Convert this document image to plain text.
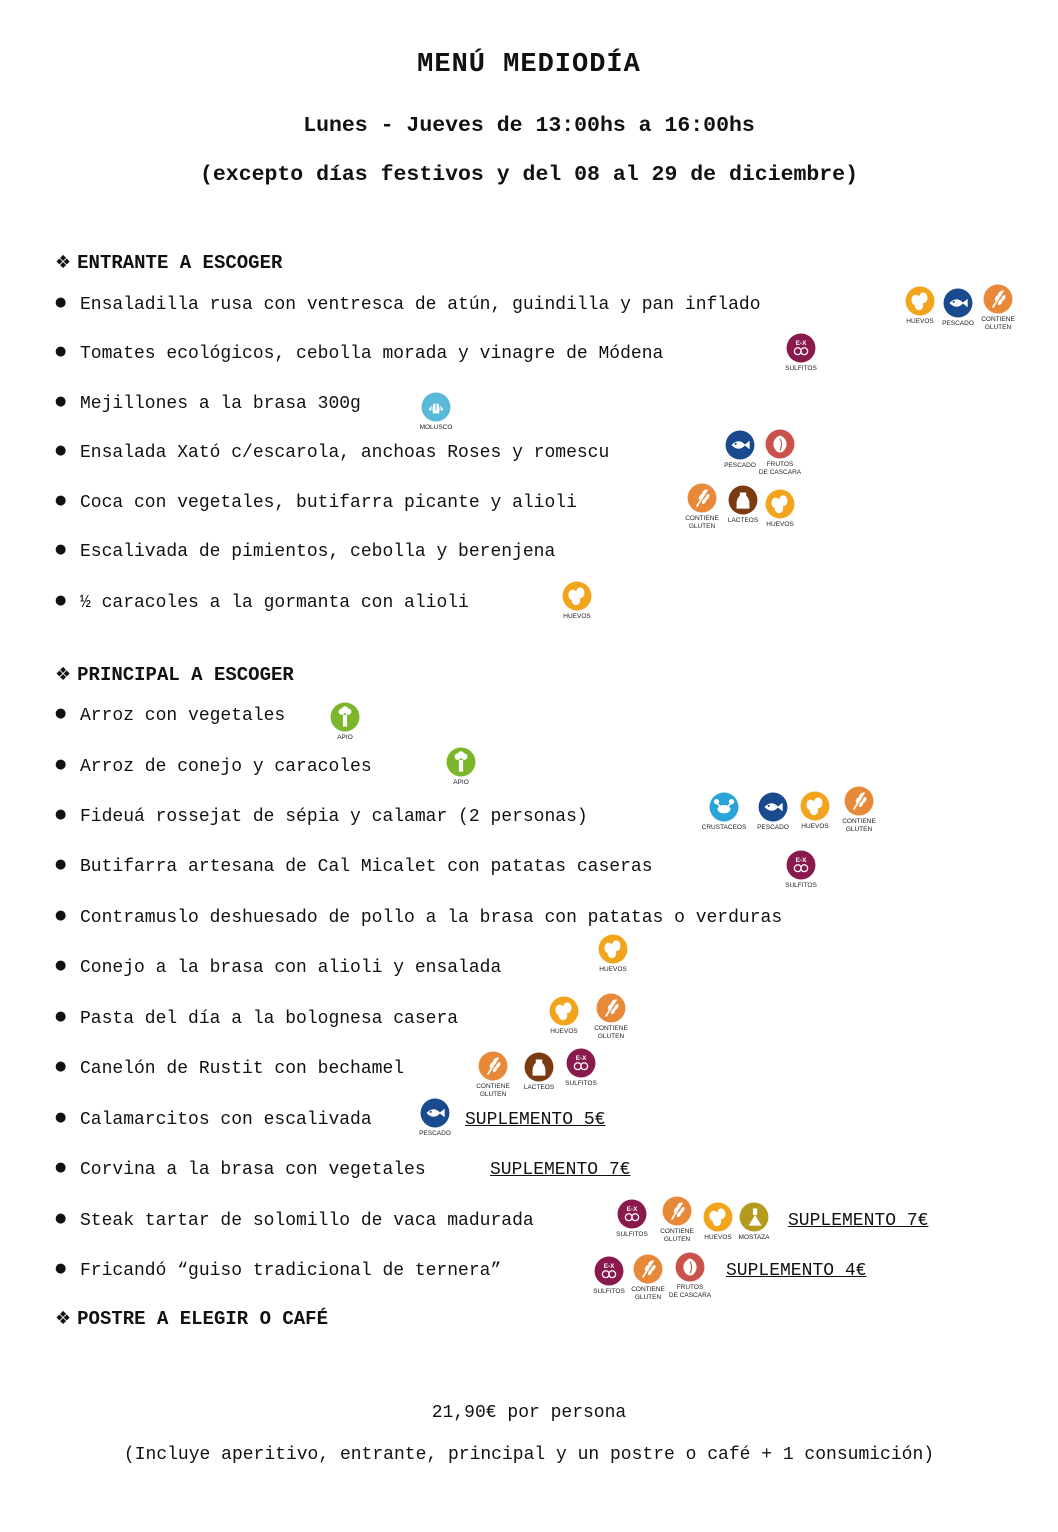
MENÚ MEDIODÍA
Lunes - Jueves de 13:00hs a 16:00hs
(excepto días festivos y del 08 al 29 de diciembre)
❖ ENTRANTE A ESCOGER
● Ensaladilla rusa con ventresca de atún, guindilla y pan inflado
● Tomates ecológicos, cebolla morada y vinagre de Módena
● Mejillones a la brasa 300g
● Ensalada Xató c/escarola, anchoas Roses y romescu
● Coca con vegetales, butifarra picante y alioli
● Escalivada de pimientos, cebolla y berenjena
● ½ caracoles a la gormanta con alioli
❖ PRINCIPAL A ESCOGER
● Arroz con vegetales
● Arroz de conejo y caracoles
● Fideuá rossejat de sépia y calamar (2 personas)
● Butifarra artesana de Cal Micalet con patatas caseras
● Contramuslo deshuesado de pollo a la brasa con patatas o verduras
● Conejo a la brasa con alioli y ensalada
● Pasta del día a la bolognesa casera
● Canelón de Rustit con bechamel
● Calamarcitos con escalivada
● Corvina a la brasa con vegetales
● Steak tartar de solomillo de vaca madurada
● Fricandó “guiso tradicional de ternera”
SUPLEMENTO 5€
SUPLEMENTO 7€
SUPLEMENTO 7€
SUPLEMENTO 4€
❖ POSTRE A ELEGIR O CAFÉ
21,90€ por persona
(Incluye aperitivo, entrante, principal y un postre o café + 1 consumición)
HUEVOS	PESCADO
CONTIENE
GLUTEN
E-X
SULFITOS
MOLUSCO
PESCADO	FRUTOS
DE CASCARA
CONTIENE
GLUTEN
LACTEOS
HUEVOS
HUEVOS
APIO
APIO
CRUSTACEOS	PESCADO	HUEVOS
CONTIENE
GLUTEN
E-X
SULFITOS
HUEVOS
HUEVOS	CONTIENE
GLUTEN
CONTIENE
GLUTEN
LACTEOS
E-X
SULFITOS
PESCADO
E-X
SULFITOS	CONTIENE
GLUTEN	HUEVOS	MOSTAZA
E-X
SULFITOS CONTIENE
GLUTEN
FRUTOS
DE CASCARA
